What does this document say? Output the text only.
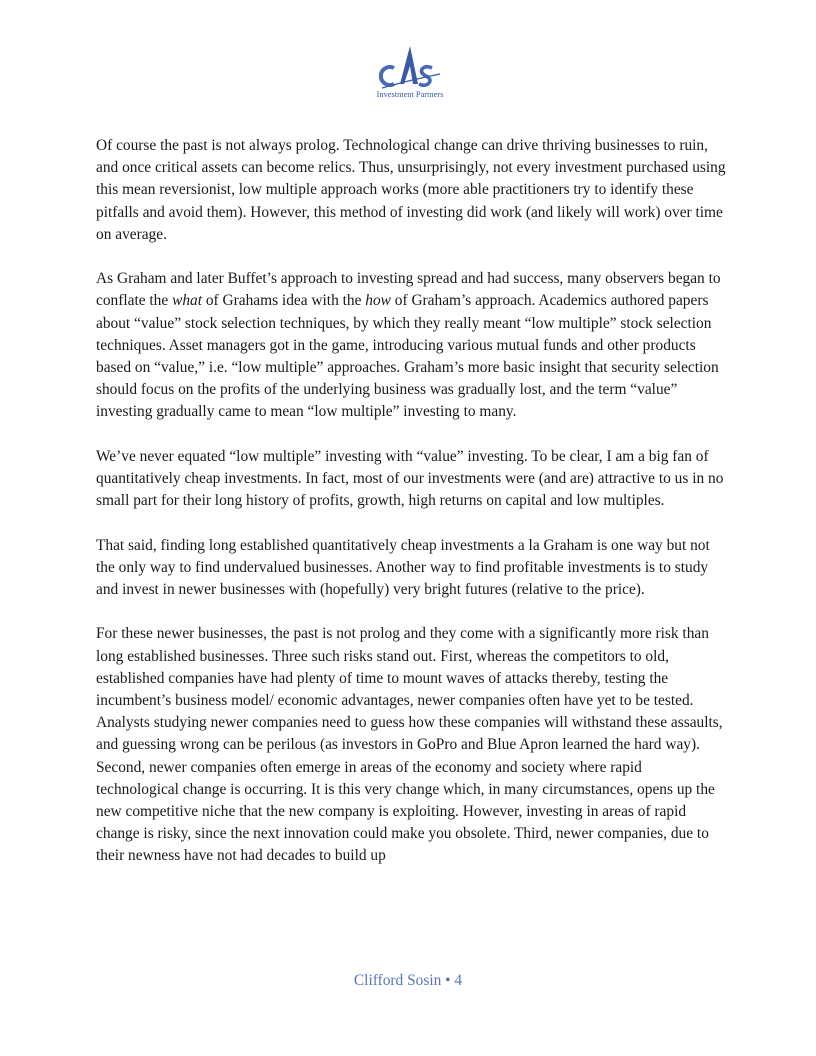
Investment Partners

Of course the past is not always prolog. Technological change can drive thriving businesses to ruin, and once critical assets can become relics. Thus, unsurprisingly, not every investment purchased using this mean reversionist, low multiple approach works (more able practitioners try to identify these pitfalls and avoid them). However, this method of investing did work (and likely will work) over time on average.

As Graham and later Buffet’s approach to investing spread and had success, many observers began to conflate the what of Grahams idea with the how of Graham’s approach. Academics authored papers about “value” stock selection techniques, by which they really meant “low multiple” stock selection techniques. Asset managers got in the game, introducing various mutual funds and other products based on “value,” i.e. “low multiple” approaches. Graham’s more basic insight that security selection should focus on the profits of the underlying business was gradually lost, and the term “value” investing gradually came to mean “low multiple” investing to many.

We’ve never equated “low multiple” investing with “value” investing. To be clear, I am a big fan of quantitatively cheap investments. In fact, most of our investments were (and are) attractive to us in no small part for their long history of profits, growth, high returns on capital and low multiples.

That said, finding long established quantitatively cheap investments a la Graham is one way but not the only way to find undervalued businesses. Another way to find profitable investments is to study and invest in newer businesses with (hopefully) very bright futures (relative to the price).

For these newer businesses, the past is not prolog and they come with a significantly more risk than long established businesses. Three such risks stand out. First, whereas the competitors to old, established companies have had plenty of time to mount waves of attacks thereby, testing the incumbent’s business model/ economic advantages, newer companies often have yet to be tested. Analysts studying newer companies need to guess how these companies will withstand these assaults, and guessing wrong can be perilous (as investors in GoPro and Blue Apron learned the hard way). Second, newer companies often emerge in areas of the economy and society where rapid technological change is occurring. It is this very change which, in many circumstances, opens up the new competitive niche that the new company is exploiting. However, investing in areas of rapid change is risky, since the next innovation could make you obsolete. Third, newer companies, due to their newness have not had decades to build up

Clifford Sosin • 4
